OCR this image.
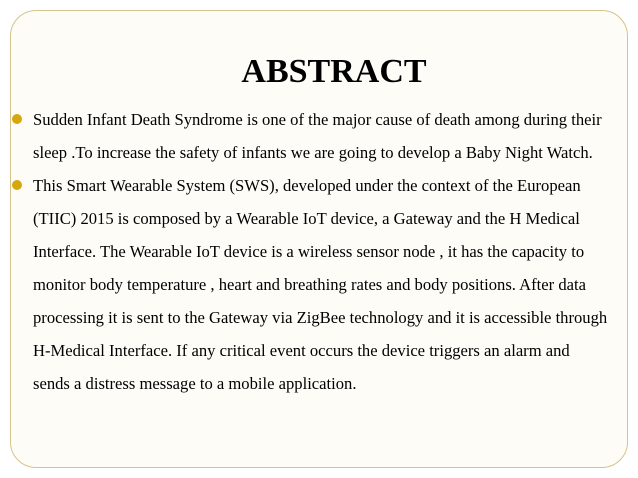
ABSTRACT
Sudden Infant Death Syndrome is one of the major cause of death among during their sleep .To increase the safety of infants we are going to develop a Baby Night Watch.
This Smart Wearable System (SWS), developed under the context of the European (TIIC) 2015 is composed by a Wearable IoT device, a Gateway and the H Medical Interface. The Wearable IoT device is a wireless sensor node , it has the capacity to monitor body temperature , heart and breathing rates and body positions. After data processing it is sent to the Gateway via ZigBee technology and it is accessible through H-Medical Interface. If any critical event occurs the device triggers an alarm and sends a distress message to a mobile application.
